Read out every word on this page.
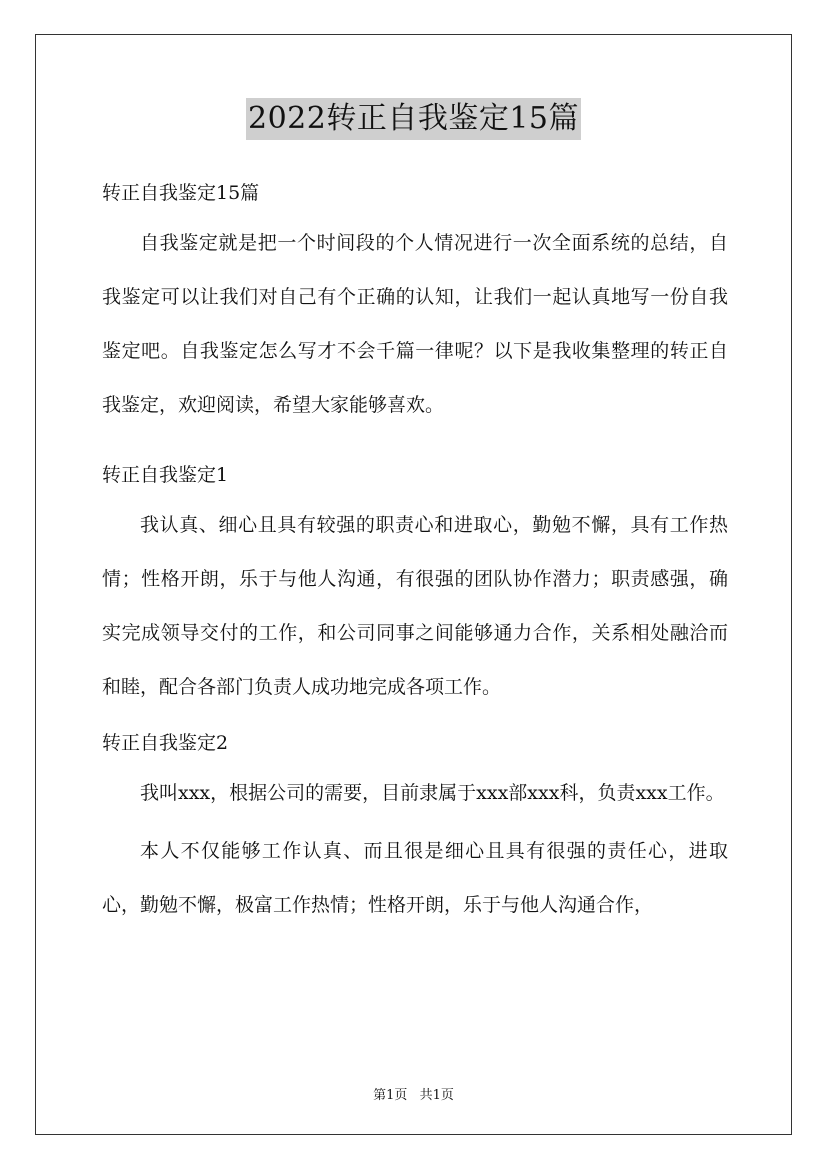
2022转正自我鉴定15篇

转正自我鉴定15篇

自我鉴定就是把一个时间段的个人情况进行一次全面系统的总结，自我鉴定可以让我们对自己有个正确的认知，让我们一起认真地写一份自我鉴定吧。自我鉴定怎么写才不会千篇一律呢？以下是我收集整理的转正自我鉴定，欢迎阅读，希望大家能够喜欢。

转正自我鉴定1

我认真、细心且具有较强的职责心和进取心，勤勉不懈，具有工作热情；性格开朗，乐于与他人沟通，有很强的团队协作潜力；职责感强，确实完成领导交付的工作，和公司同事之间能够通力合作，关系相处融洽而和睦，配合各部门负责人成功地完成各项工作。

转正自我鉴定2

我叫xxx，根据公司的需要，目前隶属于xxx部xxx科，负责xxx工作。

本人不仅能够工作认真、而且很是细心且具有很强的责任心，进取心，勤勉不懈，极富工作热情；性格开朗，乐于与他人沟通合作，

第1页 共1页
